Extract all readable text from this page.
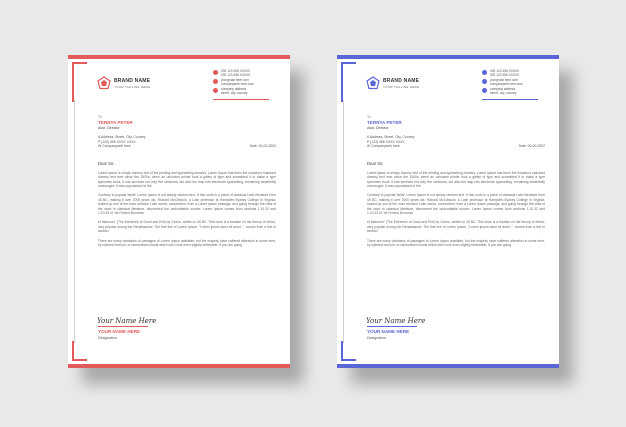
BRAND NAME
YOUR TAGLINE HERE
000 123 456 XXXXX
000 123 456 XXXXX
yourgmail here.com
companyweb here.com
company address
street, city, country
To
TERRYA PETER
Asst. Director
A Address, Street, City, Country
P (123) 456 XXXX XXXX
W Companyweb here	Date: 00-00-2002
Dear Sir,
Lorem ipsum is simply dummy text of the printing and typesetting industry. Lorem Ipsum has been the industry's standard dummy text ever since the 1500s, when an unknown printer took a galley of type and scrambled it to make a type specimen book. It has survived not only five centuries, but also the leap into electronic typesetting, remaining essentially unchanged. It was popularised in the
Contrary to popular belief, Lorem Ipsum is not simply random text. It has roots in a piece of classical Latin literature from 45 BC, making it over 2000 years old. Richard McClintock, a Latin professor at Hampden-Sydney College in Virginia, looked up one of the more obscure Latin words, consectetur, from a Lorem Ipsum passage, and going through the cites of the word in classical literature, discovered the undoubtable source. Lorem Ipsum comes from sections 1.10.32 and 1.10.33 of "de Finibus Bonorum
et Malorum" (The Extremes of Good and Evil) by Cicero, written in 45 BC. This book is a treatise on the theory of ethics, very popular during the Renaissance. The first line of Lorem Ipsum, "Lorem ipsum dolor sit amet..", comes from a line in section.
There are many variations of passages of Lorem Ipsum available, but the majority have suffered alteration in some form, by injected humour, or randomised words which don't look even slightly believable. If you are going
Your Name Here
YOUR NAME HERE
Designation
BRAND NAME
YOUR TAGLINE HERE
000 123 456 XXXXX
000 123 456 XXXXX
yourgmail here.com
companyweb here.com
company address
street, city, country
To
TERRYA PETER
Asst. Director
A Address, Street, City, Country
P (123) 456 XXXX XXXX
W Companyweb here	Date: 00-00-2002
Dear Sir,
Lorem ipsum is simply dummy text of the printing and typesetting industry. Lorem Ipsum has been the industry's standard dummy text ever since the 1500s, when an unknown printer took a galley of type and scrambled it to make a type specimen book. It has survived not only five centuries, but also the leap into electronic typesetting, remaining essentially unchanged. It was popularised in the
Contrary to popular belief, Lorem Ipsum is not simply random text. It has roots in a piece of classical Latin literature from 45 BC, making it over 2000 years old. Richard McClintock, a Latin professor at Hampden-Sydney College in Virginia, looked up one of the more obscure Latin words, consectetur, from a Lorem Ipsum passage, and going through the cites of the word in classical literature, discovered the undoubtable source. Lorem Ipsum comes from sections 1.10.32 and 1.10.33 of "de Finibus Bonorum
et Malorum" (The Extremes of Good and Evil) by Cicero, written in 45 BC. This book is a treatise on the theory of ethics, very popular during the Renaissance. The first line of Lorem Ipsum, "Lorem ipsum dolor sit amet..", comes from a line in section.
There are many variations of passages of Lorem Ipsum available, but the majority have suffered alteration in some form, by injected humour, or randomised words which don't look even slightly believable. If you are going
Your Name Here
YOUR NAME HERE
Designation
